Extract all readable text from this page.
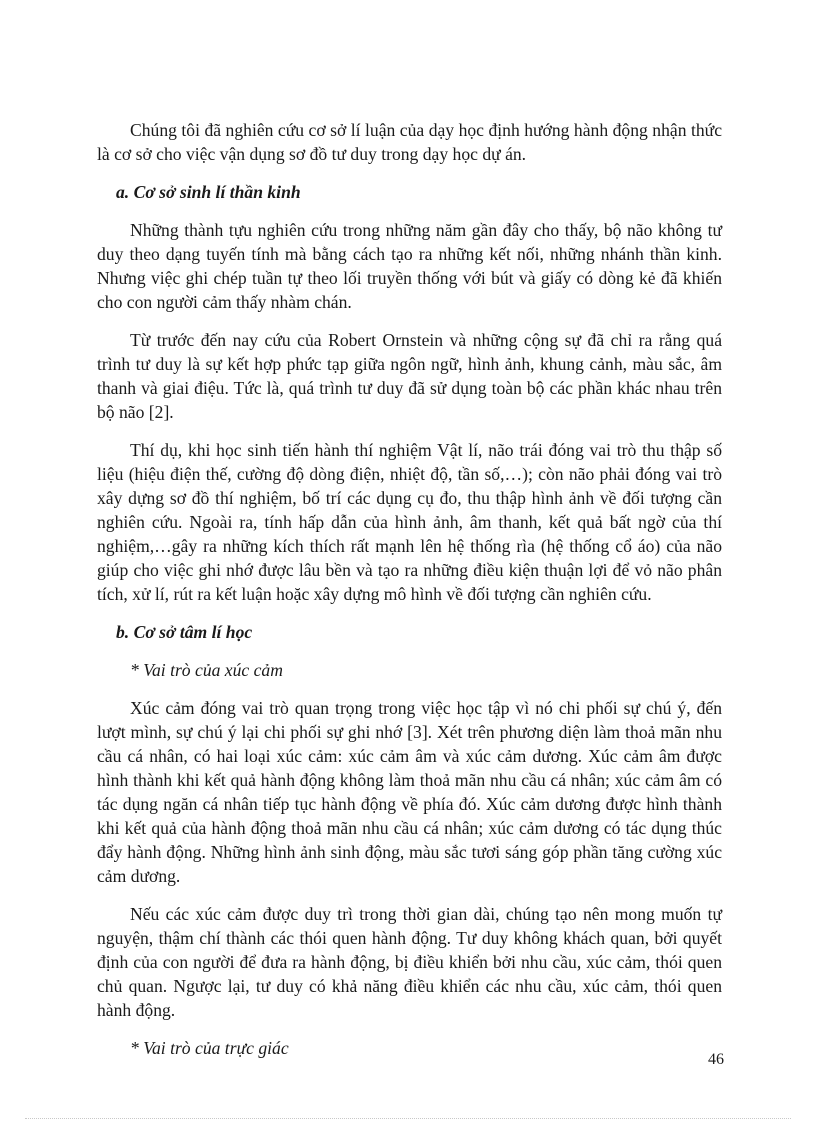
Chúng tôi đã nghiên cứu cơ sở lí luận của dạy học định hướng hành động nhận thức là cơ sở cho việc vận dụng sơ đồ tư duy trong dạy học dự án.

a. Cơ sở sinh lí thần kinh

Những thành tựu nghiên cứu trong những năm gần đây cho thấy, bộ não không tư duy theo dạng tuyến tính mà bằng cách tạo ra những kết nối, những nhánh thần kinh. Nhưng việc ghi chép tuần tự theo lối truyền thống với bút và giấy có dòng kẻ đã khiến cho con người cảm thấy nhàm chán.

Từ trước đến nay cứu của Robert Ornstein và những cộng sự đã chỉ ra rằng quá trình tư duy là sự kết hợp phức tạp giữa ngôn ngữ, hình ảnh, khung cảnh, màu sắc, âm thanh và giai điệu. Tức là, quá trình tư duy đã sử dụng toàn bộ các phần khác nhau trên bộ não [2].

Thí dụ, khi học sinh tiến hành thí nghiệm Vật lí, não trái đóng vai trò thu thập số liệu (hiệu điện thế, cường độ dòng điện, nhiệt độ, tần số,…); còn não phải đóng vai trò xây dựng sơ đồ thí nghiệm, bố trí các dụng cụ đo, thu thập hình ảnh về đối tượng cần nghiên cứu. Ngoài ra, tính hấp dẫn của hình ảnh, âm thanh, kết quả bất ngờ của thí nghiệm,…gây ra những kích thích rất mạnh lên hệ thống rìa (hệ thống cổ áo) của não giúp cho việc ghi nhớ được lâu bền và tạo ra những điều kiện thuận lợi để vỏ não phân tích, xử lí, rút ra kết luận hoặc xây dựng mô hình về đối tượng cần nghiên cứu.

b. Cơ sở tâm lí học
* Vai trò của xúc cảm

Xúc cảm đóng vai trò quan trọng trong việc học tập vì nó chi phối sự chú ý, đến lượt mình, sự chú ý lại chi phối sự ghi nhớ [3]. Xét trên phương diện làm thoả mãn nhu cầu cá nhân, có hai loại xúc cảm: xúc cảm âm và xúc cảm dương. Xúc cảm âm được hình thành khi kết quả hành động không làm thoả mãn nhu cầu cá nhân; xúc cảm âm có tác dụng ngăn cá nhân tiếp tục hành động về phía đó. Xúc cảm dương được hình thành khi kết quả của hành động thoả mãn nhu cầu cá nhân; xúc cảm dương có tác dụng thúc đẩy hành động. Những hình ảnh sinh động, màu sắc tươi sáng góp phần tăng cường xúc cảm dương.

Nếu các xúc cảm được duy trì trong thời gian dài, chúng tạo nên mong muốn tự nguyện, thậm chí thành các thói quen hành động. Tư duy không khách quan, bởi quyết định của con người để đưa ra hành động, bị điều khiển bởi nhu cầu, xúc cảm, thói quen chủ quan. Ngược lại, tư duy có khả năng điều khiển các nhu cầu, xúc cảm, thói quen hành động.

* Vai trò của trực giác
46
